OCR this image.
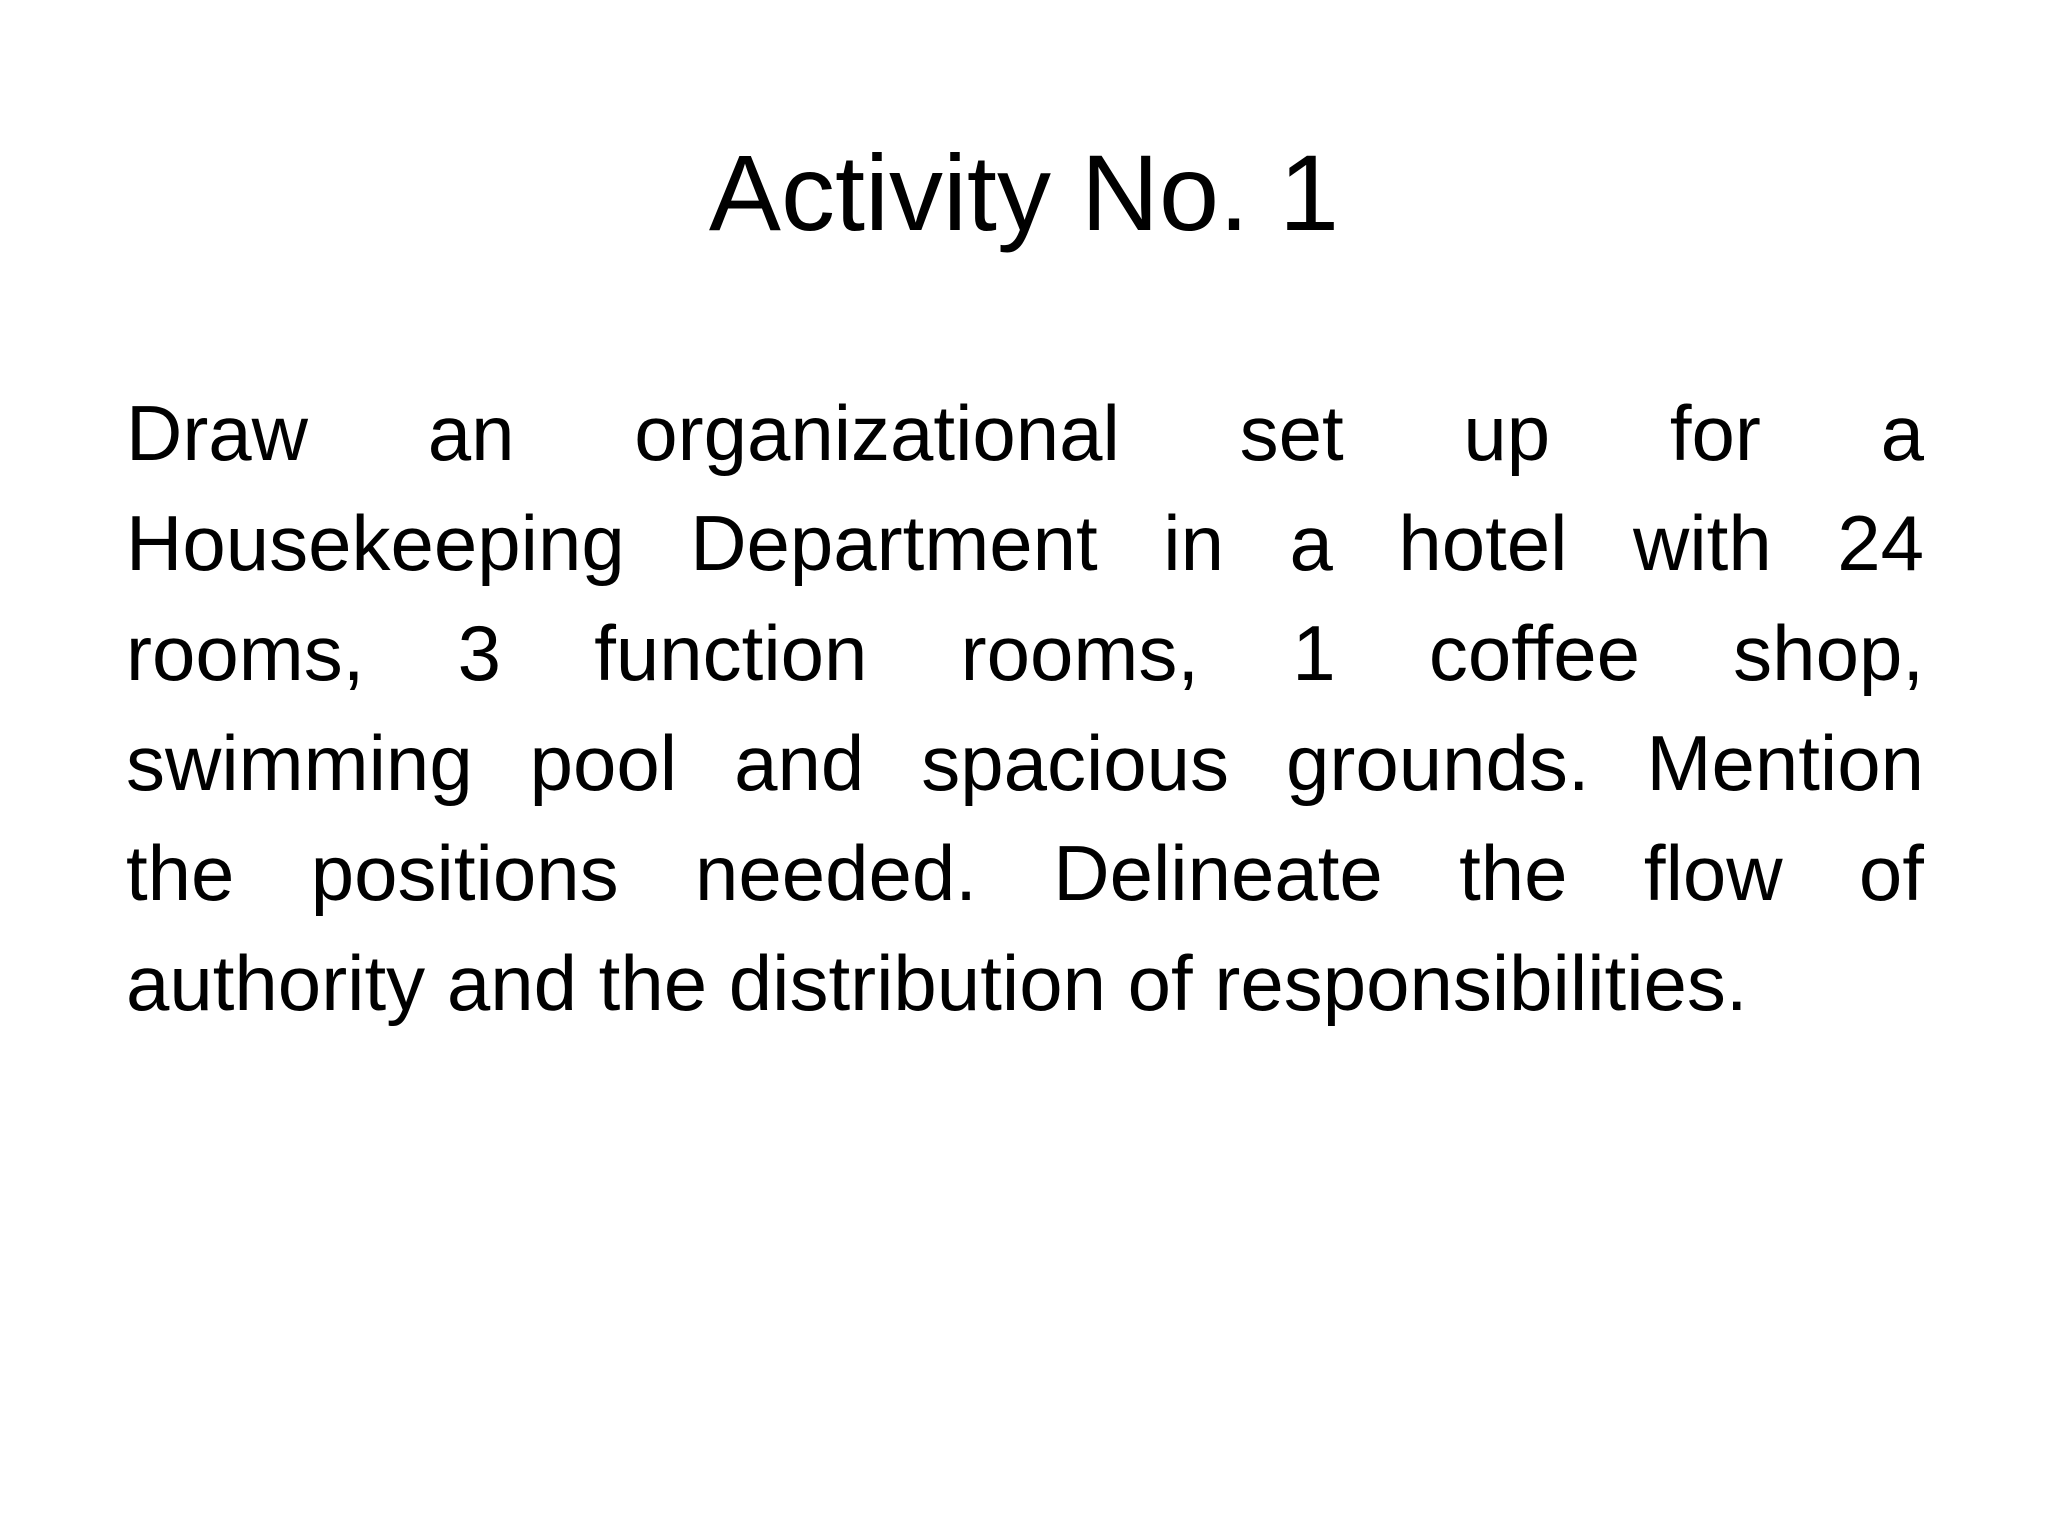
Activity No. 1
Draw an organizational set up for a
Housekeeping Department in a hotel with 24
rooms, 3 function rooms, 1 coffee shop,
swimming pool and spacious grounds. Mention
the positions needed. Delineate the flow of
authority and the distribution of responsibilities.
